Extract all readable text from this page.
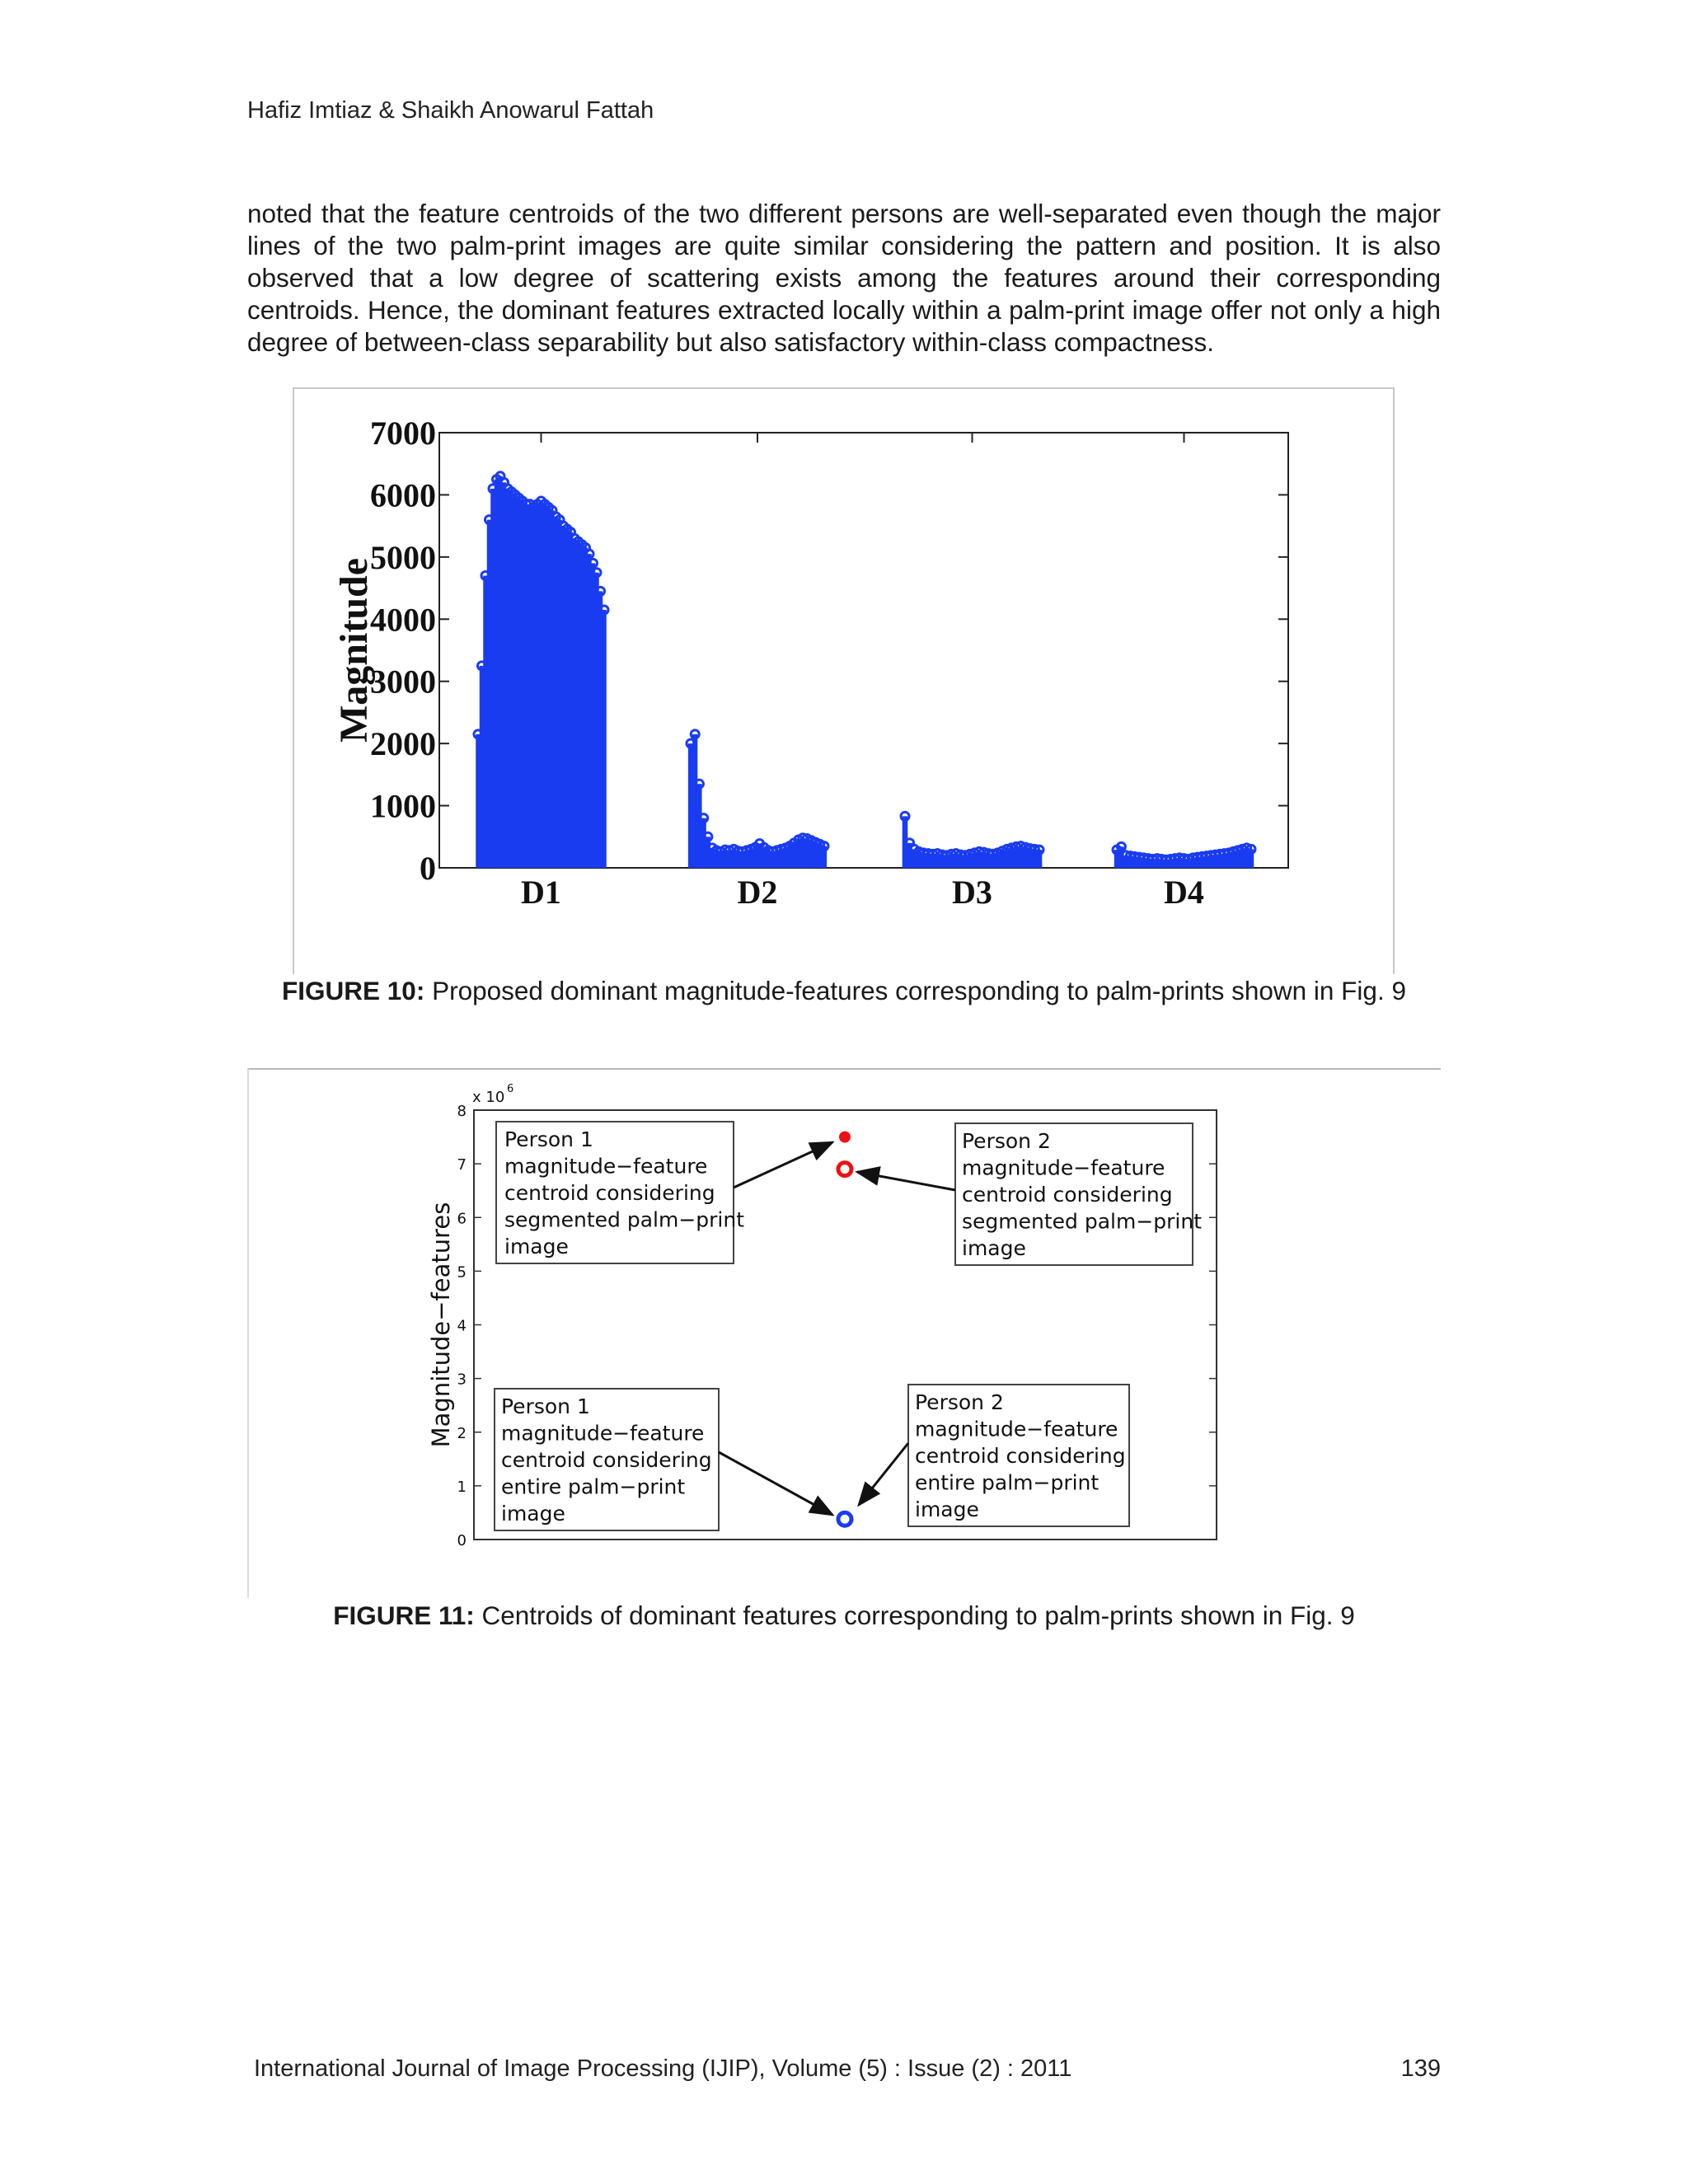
Hafiz Imtiaz & Shaikh Anowarul Fattah
noted that the feature centroids of the two different persons are well-separated even though the major lines of the two palm-print images are quite similar considering the pattern and position. It is also observed that a low degree of scattering exists among the features around their corresponding centroids. Hence, the dominant features extracted locally within a palm-print image offer not only a high degree of between-class separability but also satisfactory within-class compactness.
0
1000
2000
3000
4000
5000
6000
7000
Magnitude
D1	D2	D3	D4
FIGURE 10: Proposed dominant magnitude-features corresponding to palm-prints shown in Fig. 9
0
1
2
3
4
5
6
7
8
x 10 6
Magnitude−features
Person 1
magnitude−feature
centroid considering
segmented palm−print
image
Person 2
magnitude−feature
centroid considering
segmented palm−print
image
Person 1
magnitude−feature
centroid considering
entire palm−print
image
Person 2
magnitude−feature
centroid considering
entire palm−print
image
FIGURE 11: Centroids of dominant features corresponding to palm-prints shown in Fig. 9
International Journal of Image Processing (IJIP), Volume (5) : Issue (2) : 2011	139
